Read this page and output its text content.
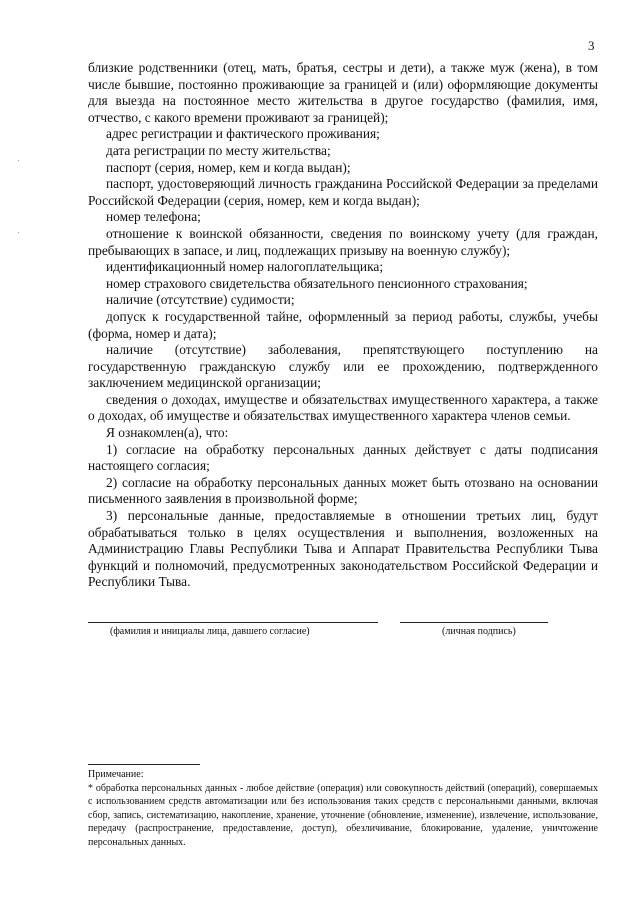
3

близкие родственники (отец, мать, братья, сестры и дети), а также муж (жена), в том числе бывшие, постоянно проживающие за границей и (или) оформляющие документы для выезда на постоянное место жительства в другое государство (фамилия, имя, отчество, с какого времени проживают за границей);

адрес регистрации и фактического проживания;

дата регистрации по месту жительства;

паспорт (серия, номер, кем и когда выдан);

паспорт, удостоверяющий личность гражданина Российской Федерации за пределами Российской Федерации (серия, номер, кем и когда выдан);

номер телефона;

отношение к воинской обязанности, сведения по воинскому учету (для граждан, пребывающих в запасе, и лиц, подлежащих призыву на военную службу);

идентификационный номер налогоплательщика;

номер страхового свидетельства обязательного пенсионного страхования;

наличие (отсутствие) судимости;

допуск к государственной тайне, оформленный за период работы, службы, учебы (форма, номер и дата);

наличие (отсутствие) заболевания, препятствующего поступлению на государственную гражданскую службу или ее прохождению, подтвержденного заключением медицинской организации;

сведения о доходах, имуществе и обязательствах имущественного характера, а также о доходах, об имуществе и обязательствах имущественного характера членов семьи.

Я ознакомлен(а), что:

1) согласие на обработку персональных данных действует с даты подписания настоящего согласия;

2) согласие на обработку персональных данных может быть отозвано на основании письменного заявления в произвольной форме;

3) персональные данные, предоставляемые в отношении третьих лиц, будут обрабатываться только в целях осуществления и выполнения, возложенных на Администрацию Главы Республики Тыва и Аппарат Правительства Республики Тыва функций и полномочий, предусмотренных законодательством Российской Федерации и Республики Тыва.

(фамилия и инициалы лица, давшего согласие)	(личная подпись)

Примечание:

* обработка персональных данных - любое действие (операция) или совокупность действий (операций), совершаемых с использованием средств автоматизации или без использования таких средств с персональными данными, включая сбор, запись, систематизацию, накопление, хранение, уточнение (обновление, изменение), извлечение, использование, передачу (распространение, предоставление, доступ), обезличивание, блокирование, удаление, уничтожение персональных данных.
